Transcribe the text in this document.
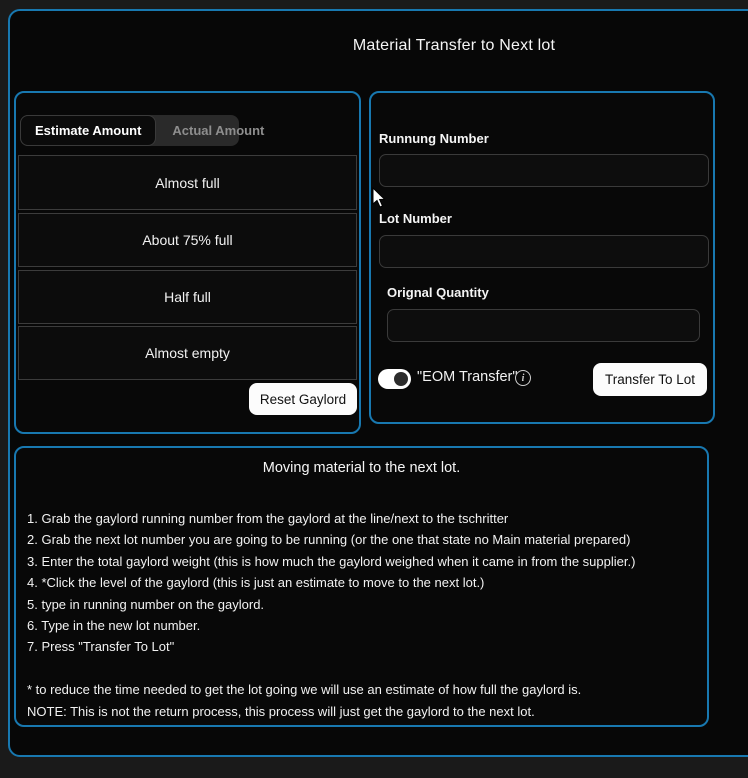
Material Transfer to Next lot
Estimate Amount	Actual Amount
Almost full
About 75% full
Half full
Almost empty
Reset Gaylord
Runnung Number
Lot Number
Orignal Quantity
"EOM Transfer" i	Transfer To Lot
Moving material to the next lot.
1. Grab the gaylord running number from the gaylord at the line/next to the tschritter
2. Grab the next lot number you are going to be running (or the one that state no Main material prepared)
3. Enter the total gaylord weight (this is how much the gaylord weighed when it came in from the supplier.)
4. *Click the level of the gaylord (this is just an estimate to move to the next lot.)
5. type in running number on the gaylord.
6. Type in the new lot number.
7. Press "Transfer To Lot"
* to reduce the time needed to get the lot going we will use an estimate of how full the gaylord is.
NOTE: This is not the return process, this process will just get the gaylord to the next lot.
